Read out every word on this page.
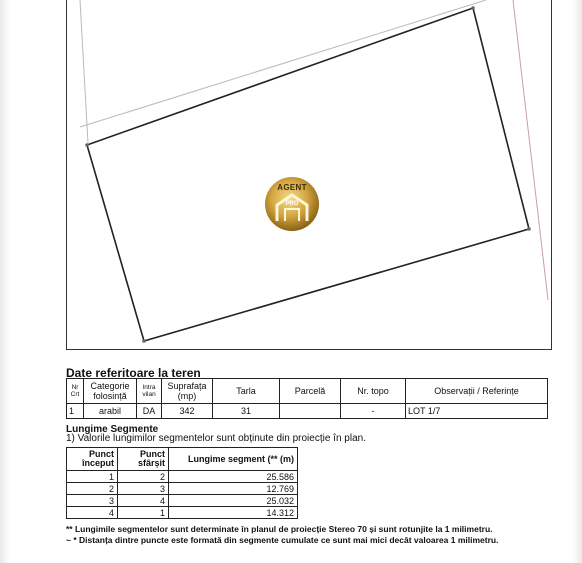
AGENT
PRO
Date referitoare la teren
Nr Crt	Categorie folosință	Intra vilan	Suprafața (mp)	Tarla	Parcelă	Nr. topo	Observații / Referințe
1	arabil	DA	342	31		-	LOT 1/7
Lungime Segmente
1) Valorile lungimilor segmentelor sunt obținute din proiecție în plan.
Punct început	Punct sfârșit	Lungime segment (** (m)
1	2	25.586
2	3	12.769
3	4	25.032
4	1	14.312
** Lungimile segmentelor sunt determinate în planul de proiecție Stereo 70 și sunt rotunjite la 1 milimetru.
~ * Distanța dintre puncte este formată din segmente cumulate ce sunt mai mici decât valoarea 1 milimetru.
